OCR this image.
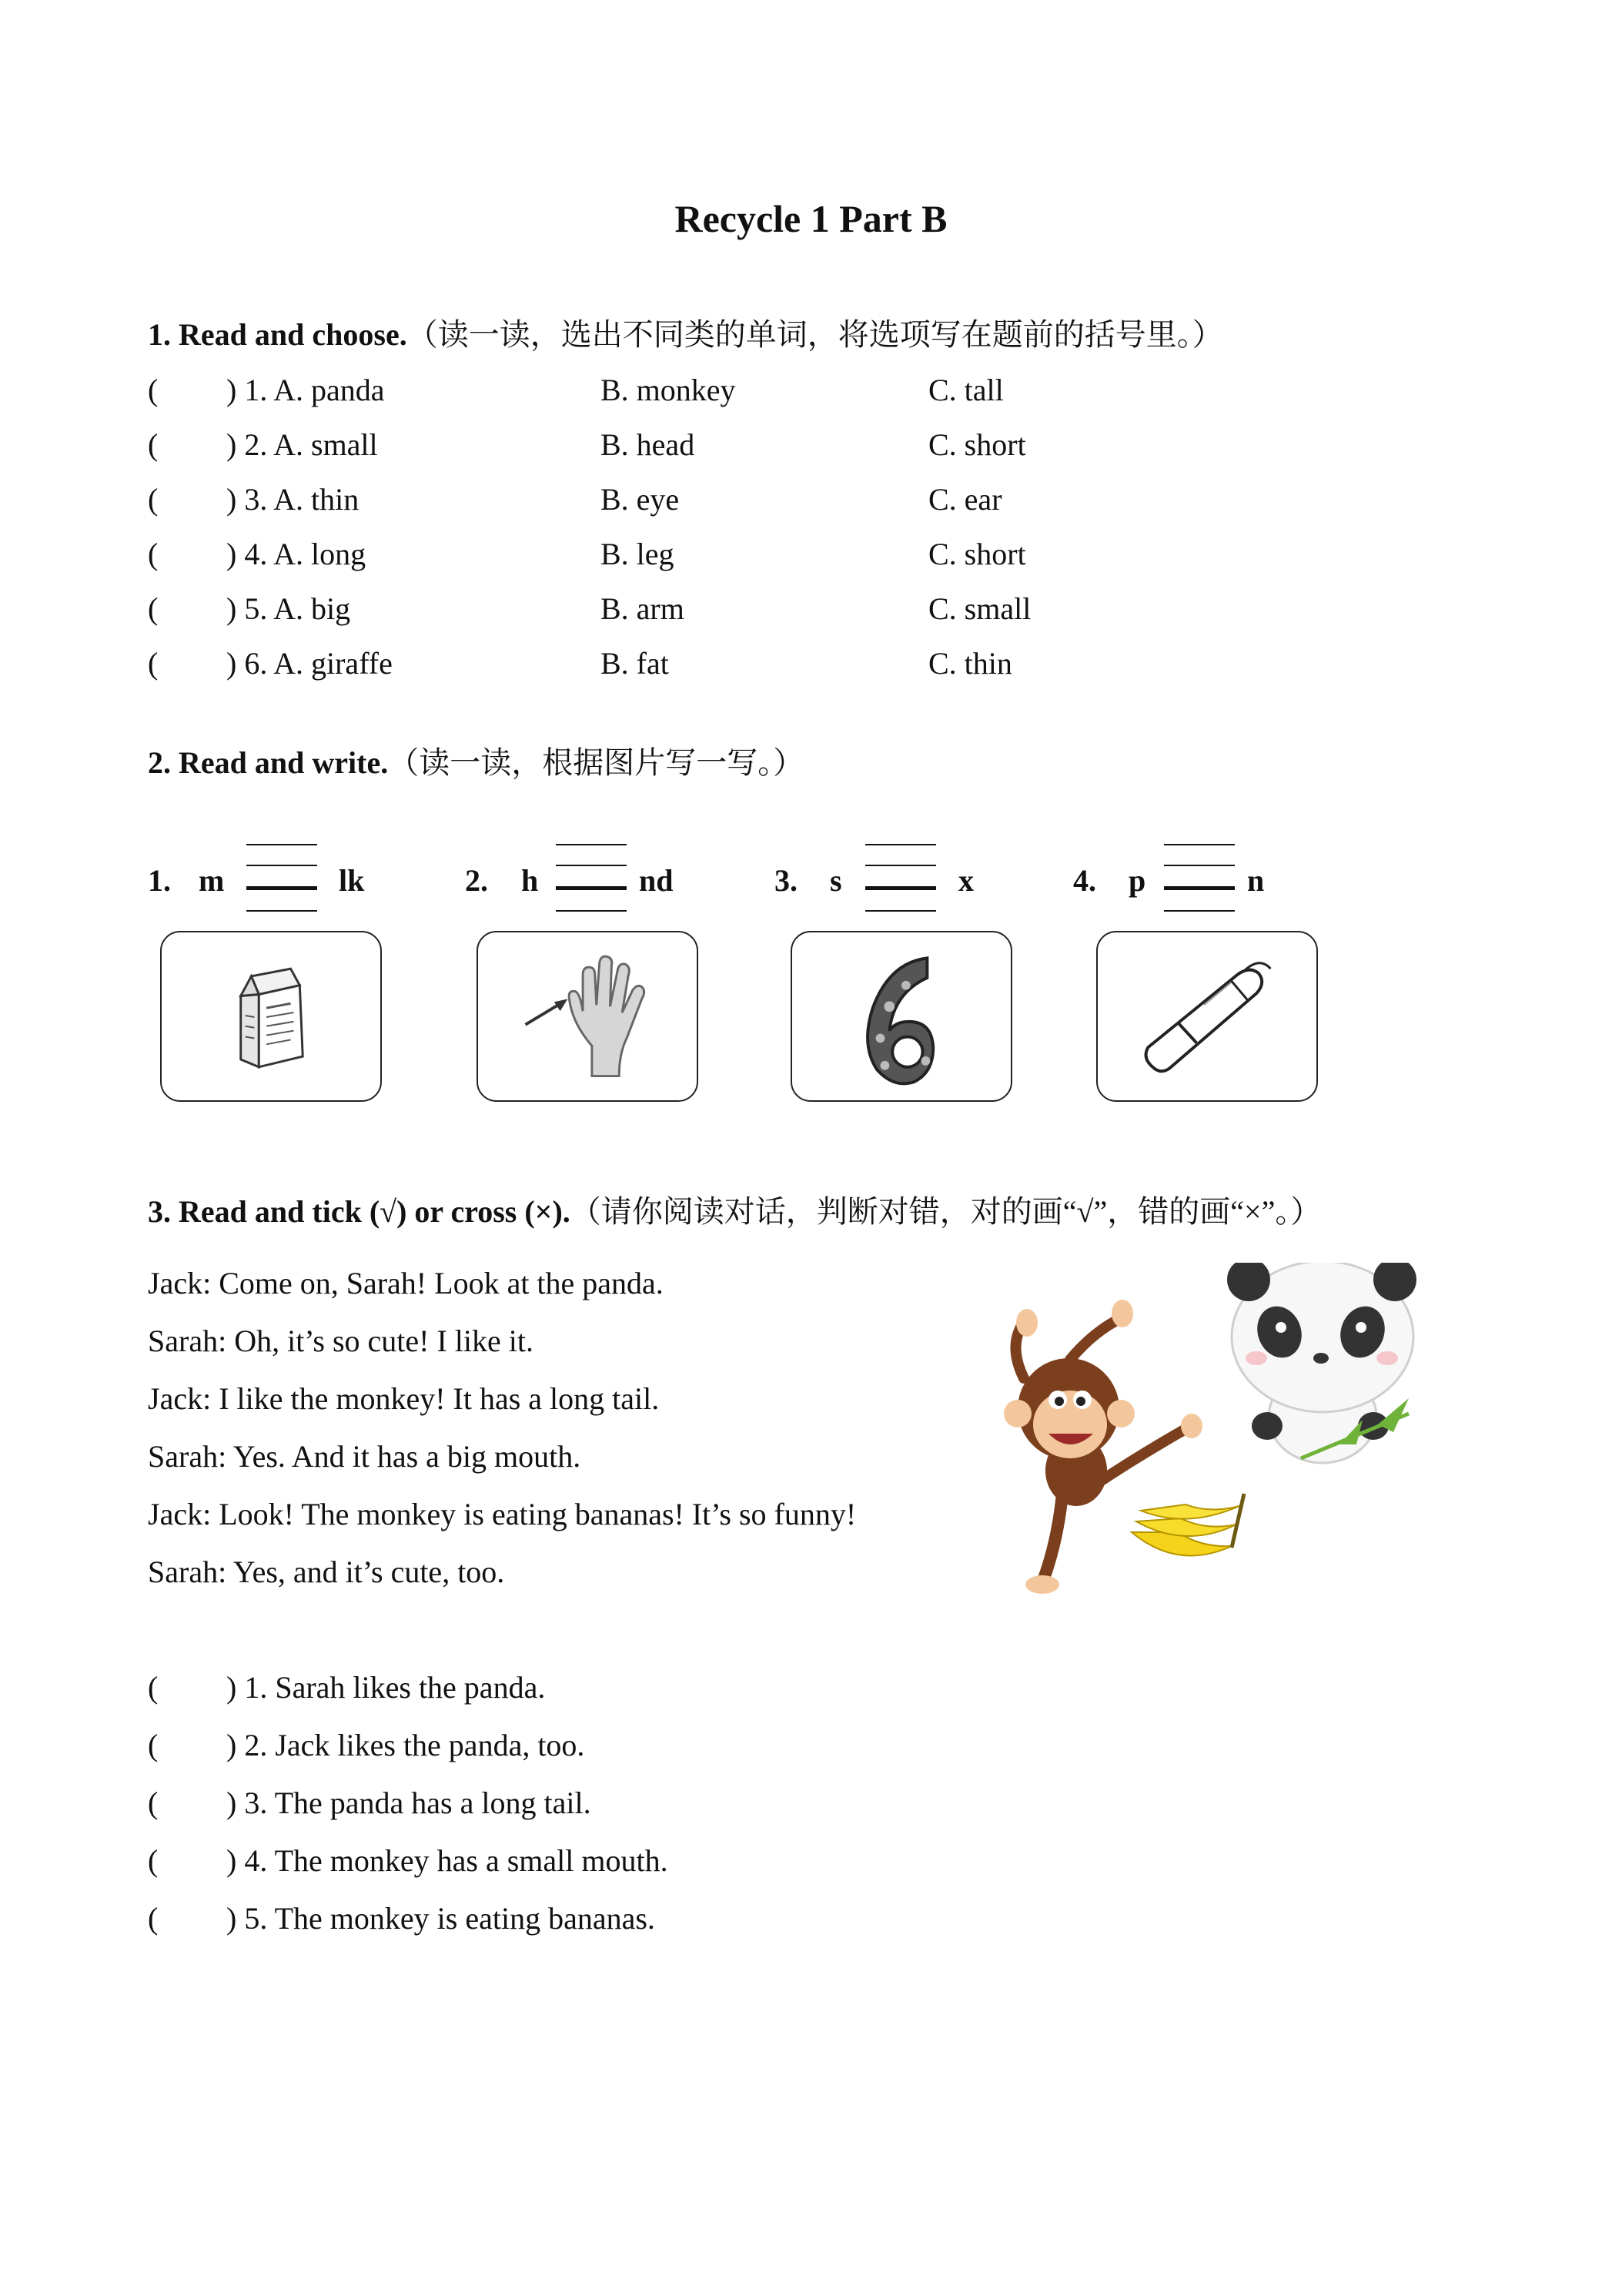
Recycle 1 Part B
1. Read and choose.（读一读，选出不同类的单词，将选项写在题前的括号里。）
( ) 1. A. panda	B. monkey	C. tall
( ) 2. A. small	B. head	C. short
( ) 3. A. thin	B. eye	C. ear
( ) 4. A. long	B. leg	C. short
( ) 5. A. big	B. arm	C. small
( ) 6. A. giraffe	B. fat	C. thin
2. Read and write.（读一读，根据图片写一写。）
1. m	lk	2. h	nd	3. s	x	4. p	n
3. Read and tick (√) or cross (×).（请你阅读对话，判断对错，对的画“√”，错的画“×”。）
Jack: Come on, Sarah! Look at the panda.
Sarah: Oh, it’s so cute! I like it.
Jack: I like the monkey! It has a long tail.
Sarah: Yes. And it has a big mouth.
Jack: Look! The monkey is eating bananas! It’s so funny!
Sarah: Yes, and it’s cute, too.
( ) 1. Sarah likes the panda.
( ) 2. Jack likes the panda, too.
( ) 3. The panda has a long tail.
( ) 4. The monkey has a small mouth.
( ) 5. The monkey is eating bananas.
